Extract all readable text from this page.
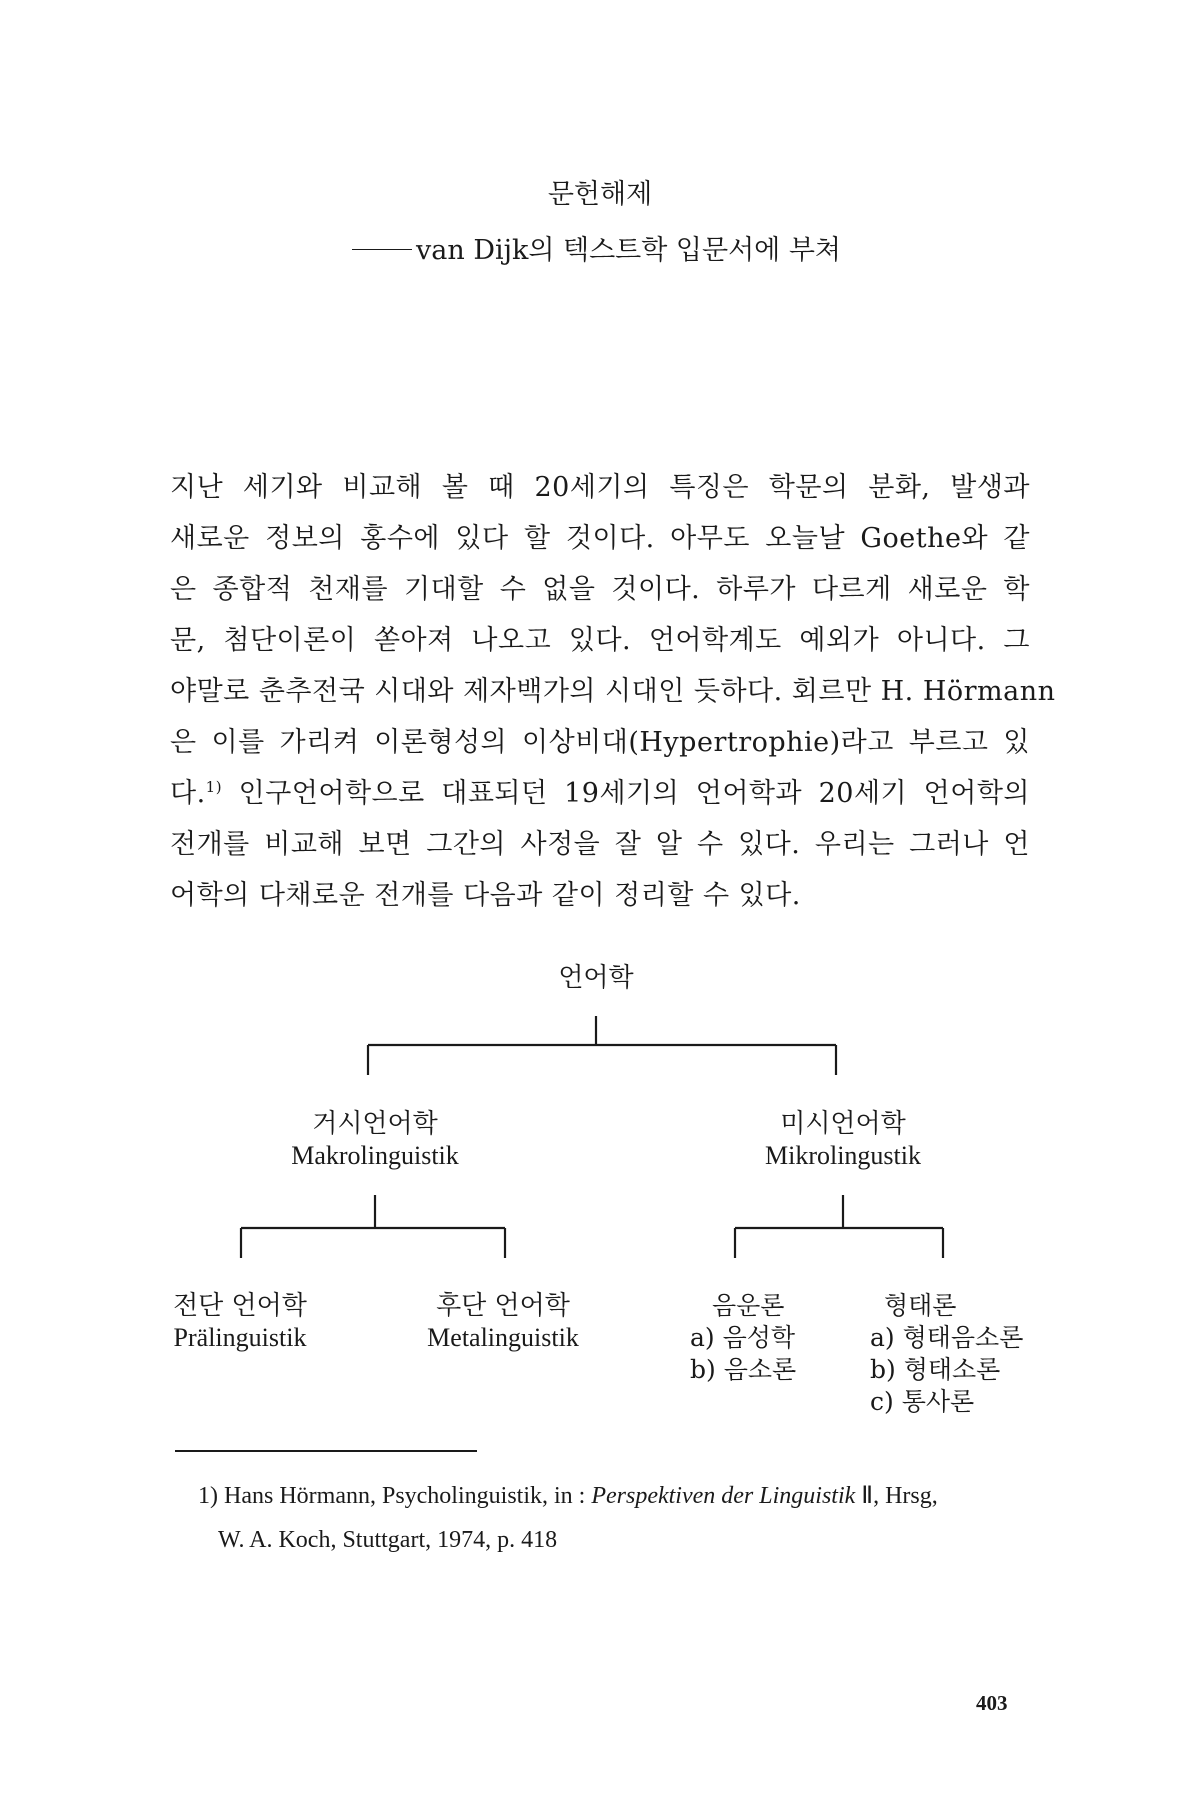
문헌해제
van Dijk의 텍스트학 입문서에 부쳐
지난 세기와 비교해 볼 때 20세기의 특징은 학문의 분화, 발생과
새로운 정보의 홍수에 있다 할 것이다. 아무도 오늘날 Goethe와 같
은 종합적 천재를 기대할 수 없을 것이다. 하루가 다르게 새로운 학
문, 첨단이론이 쏟아져 나오고 있다. 언어학계도 예외가 아니다. 그
야말로 춘추전국 시대와 제자백가의 시대인 듯하다. 회르만 H. Hörmann
은 이를 가리켜 이론형성의 이상비대(Hypertrophie)라고 부르고 있
다.$^{1)}$ 인구언어학으로 대표되던 19세기의 언어학과 20세기 언어학의
전개를 비교해 보면 그간의 사정을 잘 알 수 있다. 우리는 그러나 언
어학의 다채로운 전개를 다음과 같이 정리할 수 있다.
언어학
거시언어학
Makrolinguistik
미시언어학
Mikrolingustik
전단 언어학
Prälinguistik
후단 언어학
Metalinguistik
음운론
a) 음성학
b) 음소론
형태론
a) 형태음소론
b) 형태소론
c) 통사론
1) Hans Hörmann, Psycholinguistik, in : Perspektiven der Linguistik Ⅱ, Hrsg,
W. A. Koch, Stuttgart, 1974, p. 418
403
